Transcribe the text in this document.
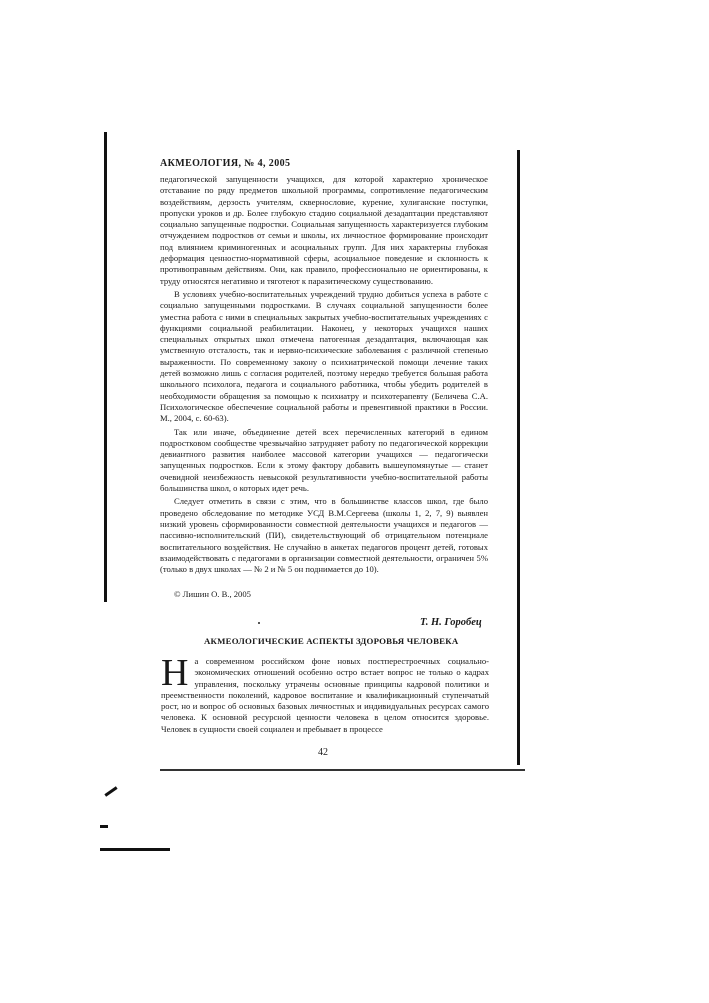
АКМЕОЛОГИЯ, № 4, 2005

педагогической запущенности учащихся, для которой характерно хроническое отставание по ряду предметов школьной программы, сопротивление педагогическим воздействиям, дерзость учителям, сквернословие, курение, хулиганские поступки, пропуски уроков и др. Более глубокую стадию социальной дезадаптации представляют социально запущенные подростки. Социальная запущенность характеризуется глубоким отчуждением подростков от семьи и школы, их личностное формирование происходит под влиянием криминогенных и асоциальных групп. Для них характерны глубокая деформация ценностно-нормативной сферы, асоциальное поведение и склонность к противоправным действиям. Они, как правило, профессионально не ориентированы, к труду относятся негативно и тяготеют к паразитическому существованию.

В условиях учебно-воспитательных учреждений трудно добиться успеха в работе с социально запущенными подростками. В случаях социальной запущенности более уместна работа с ними в специальных закрытых учебно-воспитательных учреждениях с функциями социальной реабилитации. Наконец, у некоторых учащихся наших специальных открытых школ отмечена патогенная дезадаптация, включающая как умственную отсталость, так и нервно-психические заболевания с различной степенью выраженности. По современному закону о психиатрической помощи лечение таких детей возможно лишь с согласия родителей, поэтому нередко требуется большая работа школьного психолога, педагога и социального работника, чтобы убедить родителей в необходимости обращения за помощью к психиатру и психотерапевту (Беличева С.А. Психологическое обеспечение социальной работы и превентивной практики в России. М., 2004, с. 60-63).

Так или иначе, объединение детей всех перечисленных категорий в едином подростковом сообществе чрезвычайно затрудняет работу по педагогической коррекции девиантного развития наиболее массовой категории учащихся — педагогически запущенных подростков. Если к этому фактору добавить вышеупомянутые — станет очевидной неизбежность невысокой результативности учебно-воспитательной работы большинства школ, о которых идет речь.

Следует отметить в связи с этим, что в большинстве классов школ, где было проведено обследование по методике УСД В.М.Сергеева (школы 1, 2, 7, 9) выявлен низкий уровень сформированности совместной деятельности учащихся и педагогов — пассивно-исполнительский (ПИ), свидетельствующий об отрицательном потенциале воспитательного воздействия. Не случайно в анкетах педагогов процент детей, готовых взаимодействовать с педагогами в организации совместной деятельности, ограничен 5% (только в двух школах — № 2 и № 5 он поднимается до 10).

© Лишин О. В., 2005
Т. Н. Горобец
АКМЕОЛОГИЧЕСКИЕ АСПЕКТЫ ЗДОРОВЬЯ ЧЕЛОВЕКА

На современном российском фоне новых постперестроечных социально-экономических отношений особенно остро встает вопрос не только о кадрах управления, поскольку утрачены основные принципы кадровой политики и преемственности поколений, кадровое воспитание и квалификационный ступенчатый рост, но и вопрос об основных базовых личностных и индивидуальных ресурсах самого человека. К основной ресурсной ценности человека в целом относится здоровье. Человек в сущности своей социален и пребывает в процессе

42
